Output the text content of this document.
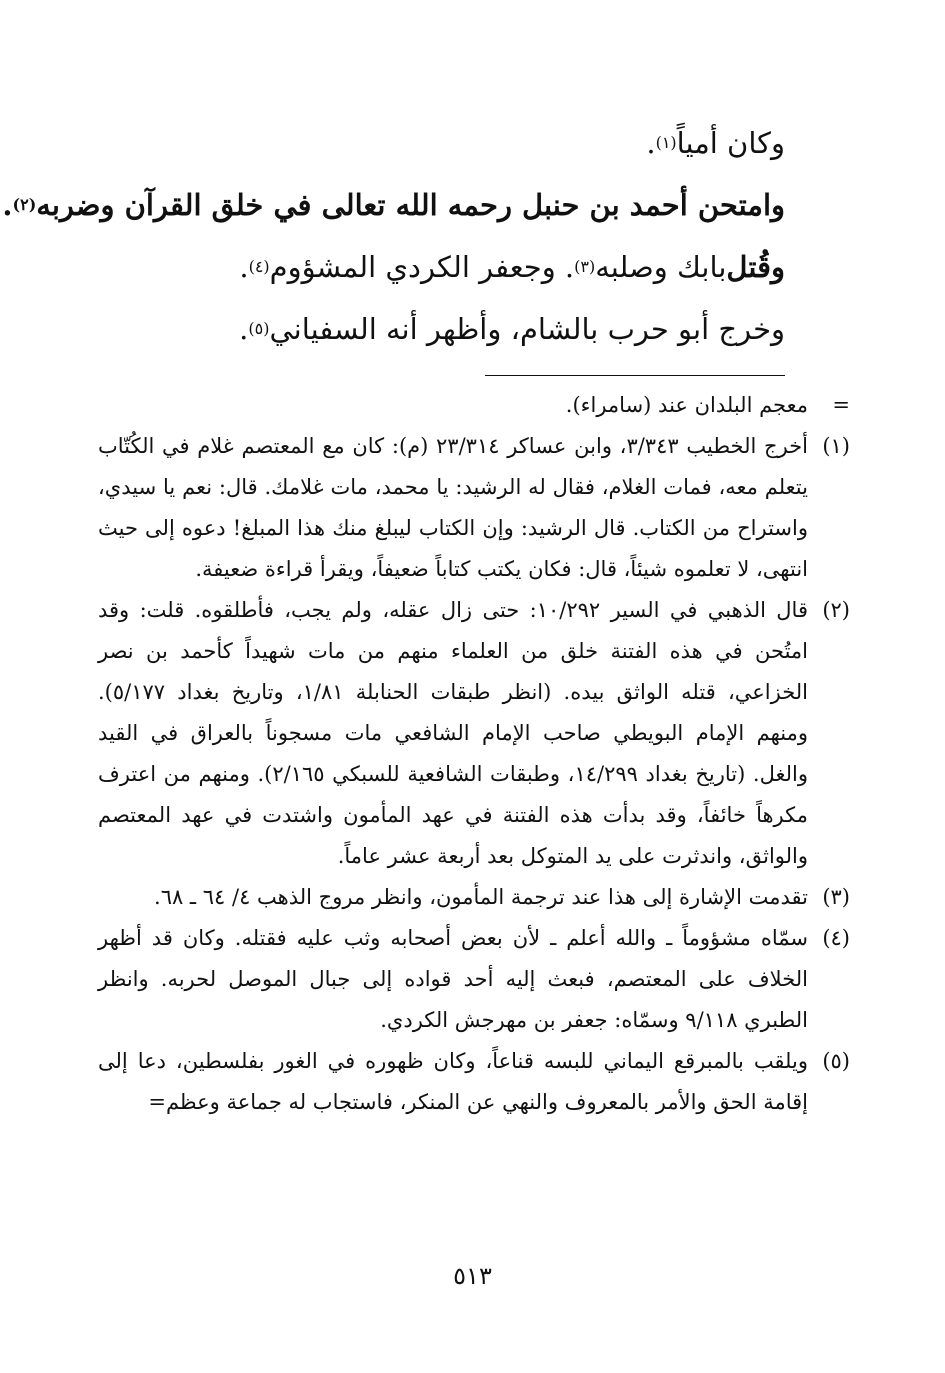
وكان أمياً
(١)
.
وامتحن أحمد بن حنبل رحمه الله تعالى في خلق القرآن وضربه
(٢)
.
وقُتل
بابك وصلبه
(٣)
. وجعفر الكردي المشؤوم
(٤)
.
وخرج أبو حرب بالشام، وأظهر أنه السفياني
(٥)
.
=
معجم البلدان عند (سامراء).
(١)
أخرج الخطيب ٣/٣٤٣، وابن عساكر ٢٣/٣١٤ (م): كان مع المعتصم غلام في الكُتّاب يتعلم معه، فمات الغلام، فقال له الرشيد: يا محمد، مات غلامك. قال: نعم يا سيدي، واستراح من الكتاب. قال الرشيد: وإن الكتاب ليبلغ منك هذا المبلغ! دعوه إلى حيث انتهى، لا تعلموه شيئاً، قال: فكان يكتب كتاباً ضعيفاً، ويقرأ قراءة ضعيفة.
(٢)
قال الذهبي في السير ١٠/٢٩٢: حتى زال عقله، ولم يجب، فأطلقوه. قلت: وقد امتُحن في هذه الفتنة خلق من العلماء منهم من مات شهيداً كأحمد بن نصر الخزاعي، قتله الواثق بيده. (انظر طبقات الحنابلة ١/٨١، وتاريخ بغداد ٥/١٧٧). ومنهم الإمام البويطي صاحب الإمام الشافعي مات مسجوناً بالعراق في القيد والغل. (تاريخ بغداد ١٤/٢٩٩، وطبقات الشافعية للسبكي ٢/١٦٥). ومنهم من اعترف مكرهاً خائفاً، وقد بدأت هذه الفتنة في عهد المأمون واشتدت في عهد المعتصم والواثق، واندثرت على يد المتوكل بعد أربعة عشر عاماً.
(٣)
تقدمت الإشارة إلى هذا عند ترجمة المأمون، وانظر مروج الذهب ٤/ ٦٤ ـ ٦٨.
(٤)
سمّاه مشؤوماً ـ والله أعلم ـ لأن بعض أصحابه وثب عليه فقتله. وكان قد أظهر الخلاف على المعتصم، فبعث إليه أحد قواده إلى جبال الموصل لحربه. وانظر الطبري ٩/١١٨ وسمّاه: جعفر بن مهرجش الكردي.
(٥)
ويلقب بالمبرقع اليماني للبسه قناعاً، وكان ظهوره في الغور بفلسطين، دعا إلى إقامة الحق والأمر بالمعروف والنهي عن المنكر، فاستجاب له جماعة وعظم=
٥١٣
